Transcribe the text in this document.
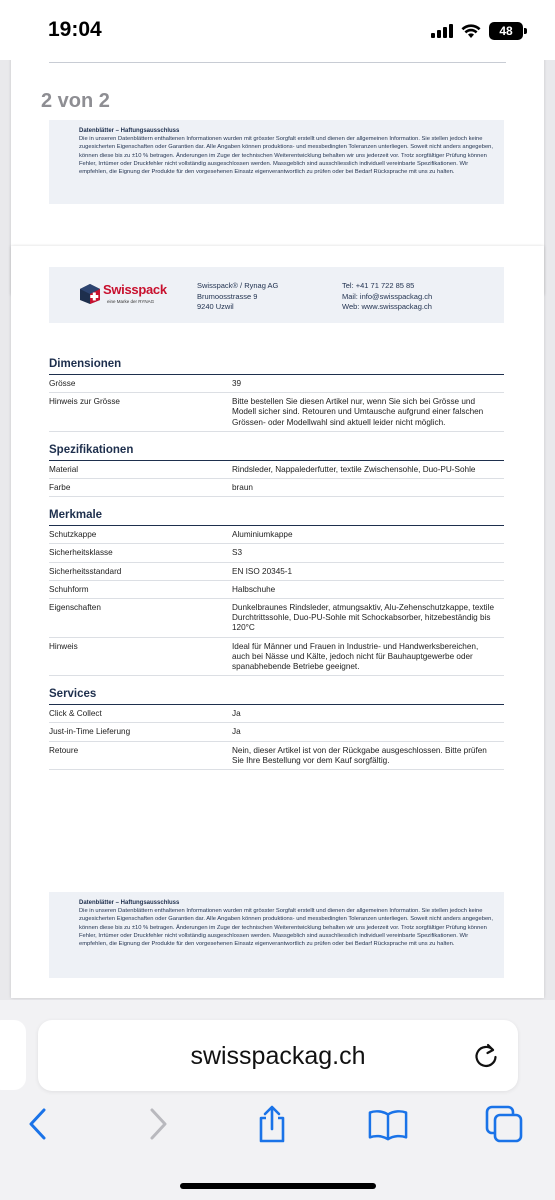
19:04	48
2 von 2
Datenblätter – Haftungsausschluss
Die in unseren Datenblättern enthaltenen Informationen wurden mit grösster Sorgfalt erstellt und dienen der allgemeinen Information. Sie stellen jedoch keine zugesicherten Eigenschaften oder Garantien dar. Alle Angaben können produktions- und messbedingten Toleranzen unterliegen. Soweit nicht anders angegeben, können diese bis zu ±10 % betragen. Änderungen im Zuge der technischen Weiterentwicklung behalten wir uns jederzeit vor. Trotz sorgfältiger Prüfung können Fehler, Irrtümer oder Druckfehler nicht vollständig ausgeschlossen werden. Massgeblich sind ausschliesslich individuell vereinbarte Spezifikationen. Wir empfehlen, die Eignung der Produkte für den vorgesehenen Einsatz eigenverantwortlich zu prüfen oder bei Bedarf Rücksprache mit uns zu halten.
Swisspack
eine Marke der RYNAG
Swisspack® / Rynag AG
Brumoosstrasse 9
9240 Uzwil
Tel: +41 71 722 85 85
Mail: info@swisspackag.ch
Web: www.swisspackag.ch
Dimensionen
Grösse	39
Hinweis zur Grösse	Bitte bestellen Sie diesen Artikel nur, wenn Sie sich bei Grösse und Modell sicher sind. Retouren und Umtausche aufgrund einer falschen Grössen- oder Modellwahl sind aktuell leider nicht möglich.
Spezifikationen
Material	Rindsleder, Nappalederfutter, textile Zwischensohle, Duo-PU-Sohle
Farbe	braun
Merkmale
Schutzkappe	Aluminiumkappe
Sicherheitsklasse	S3
Sicherheitsstandard	EN ISO 20345-1
Schuhform	Halbschuhe
Eigenschaften	Dunkelbraunes Rindsleder, atmungsaktiv, Alu-Zehenschutzkappe, textile Durchtrittssohle, Duo-PU-Sohle mit Schockabsorber, hitzebeständig bis 120°C
Hinweis	Ideal für Männer und Frauen in Industrie- und Handwerksbereichen, auch bei Nässe und Kälte, jedoch nicht für Bauhauptgewerbe oder spanabhebende Betriebe geeignet.
Services
Click & Collect	Ja
Just-in-Time Lieferung	Ja
Retoure	Nein, dieser Artikel ist von der Rückgabe ausgeschlossen. Bitte prüfen Sie Ihre Bestellung vor dem Kauf sorgfältig.
Datenblätter – Haftungsausschluss
Die in unseren Datenblättern enthaltenen Informationen wurden mit grösster Sorgfalt erstellt und dienen der allgemeinen Information. Sie stellen jedoch keine zugesicherten Eigenschaften oder Garantien dar. Alle Angaben können produktions- und messbedingten Toleranzen unterliegen. Soweit nicht anders angegeben, können diese bis zu ±10 % betragen. Änderungen im Zuge der technischen Weiterentwicklung behalten wir uns jederzeit vor. Trotz sorgfältiger Prüfung können Fehler, Irrtümer oder Druckfehler nicht vollständig ausgeschlossen werden. Massgeblich sind ausschliesslich individuell vereinbarte Spezifikationen. Wir empfehlen, die Eignung der Produkte für den vorgesehenen Einsatz eigenverantwortlich zu prüfen oder bei Bedarf Rücksprache mit uns zu halten.
swisspackag.ch
